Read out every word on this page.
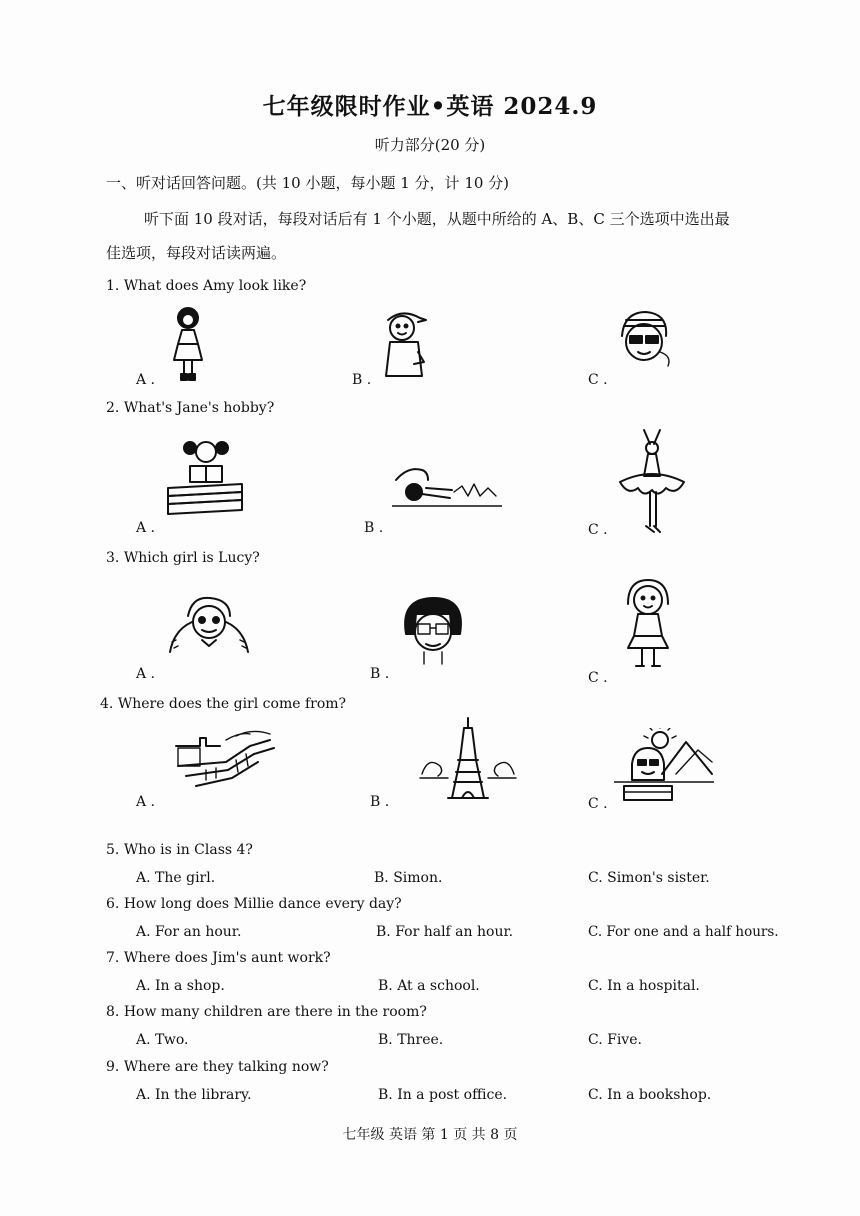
七年级限时作业•英语 2024.9
听力部分(20 分)
一、听对话回答问题。(共 10 小题，每小题 1 分，计 10 分)
听下面 10 段对话，每段对话后有 1 个小题，从题中所给的 A、B、C 三个选项中选出最
佳选项，每段对话读两遍。
1. What does Amy look like?
A .	B .	C .
2. What's Jane's hobby?
A .	B .	C .
3. Which girl is Lucy?
A .	B .	C .
4. Where does the girl come from?
A .	B .	C .
5. Who is in Class 4?
A. The girl.	B. Simon.	C. Simon's sister.
6. How long does Millie dance every day?
A. For an hour.	B. For half an hour.	C. For one and a half hours.
7. Where does Jim's aunt work?
A. In a shop.	B. At a school.	C. In a hospital.
8. How many children are there in the room?
A. Two.	B. Three.	C. Five.
9. Where are they talking now?
A. In the library.	B. In a post office.	C. In a bookshop.
七年级 英语 第 1 页 共 8 页
